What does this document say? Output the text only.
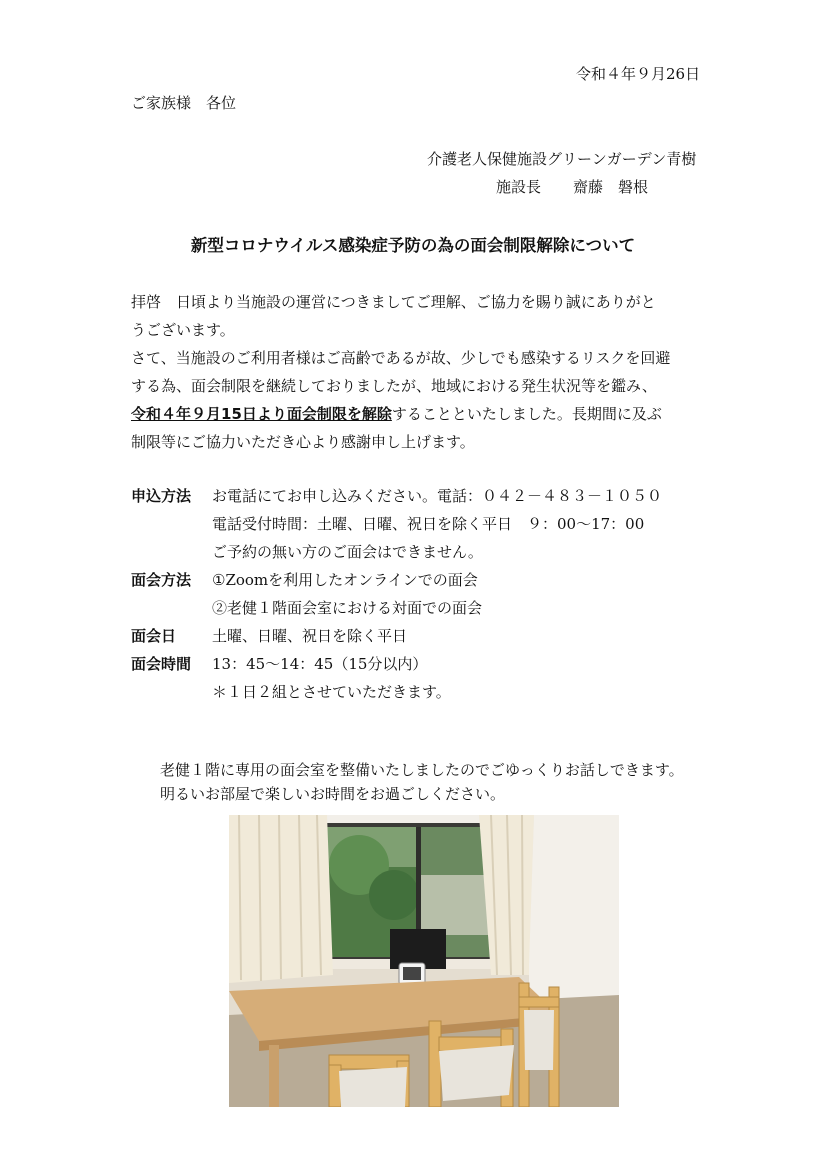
令和４年９月26日
ご家族様　各位
介護老人保健施設グリーンガーデン青樹
施設長 齋藤　磐根
新型コロナウイルス感染症予防の為の面会制限解除について
拝啓　日頃より当施設の運営につきましてご理解、ご協力を賜り誠にありがと
うございます。
さて、当施設のご利用者様はご高齢であるが故、少しでも感染するリスクを回避
する為、面会制限を継続しておりましたが、地域における発生状況等を鑑み、
令和４年９月15日より面会制限を解除することといたしました。長期間に及ぶ
制限等にご協力いただき心より感謝申し上げます。
申込方法 お電話にてお申し込みください。電話：０４２－４８３－１０５０
電話受付時間：土曜、日曜、祝日を除く平日　９：00～17：00
ご予約の無い方のご面会はできません。
面会方法 ①Zoomを利用したオンラインでの面会
②老健１階面会室における対面での面会
面会日 土曜、日曜、祝日を除く平日
面会時間 13：45～14：45（15分以内）
＊１日２組とさせていただきます。
老健１階に専用の面会室を整備いたしましたのでごゆっくりお話しできます。
明るいお部屋で楽しいお時間をお過ごしください。
